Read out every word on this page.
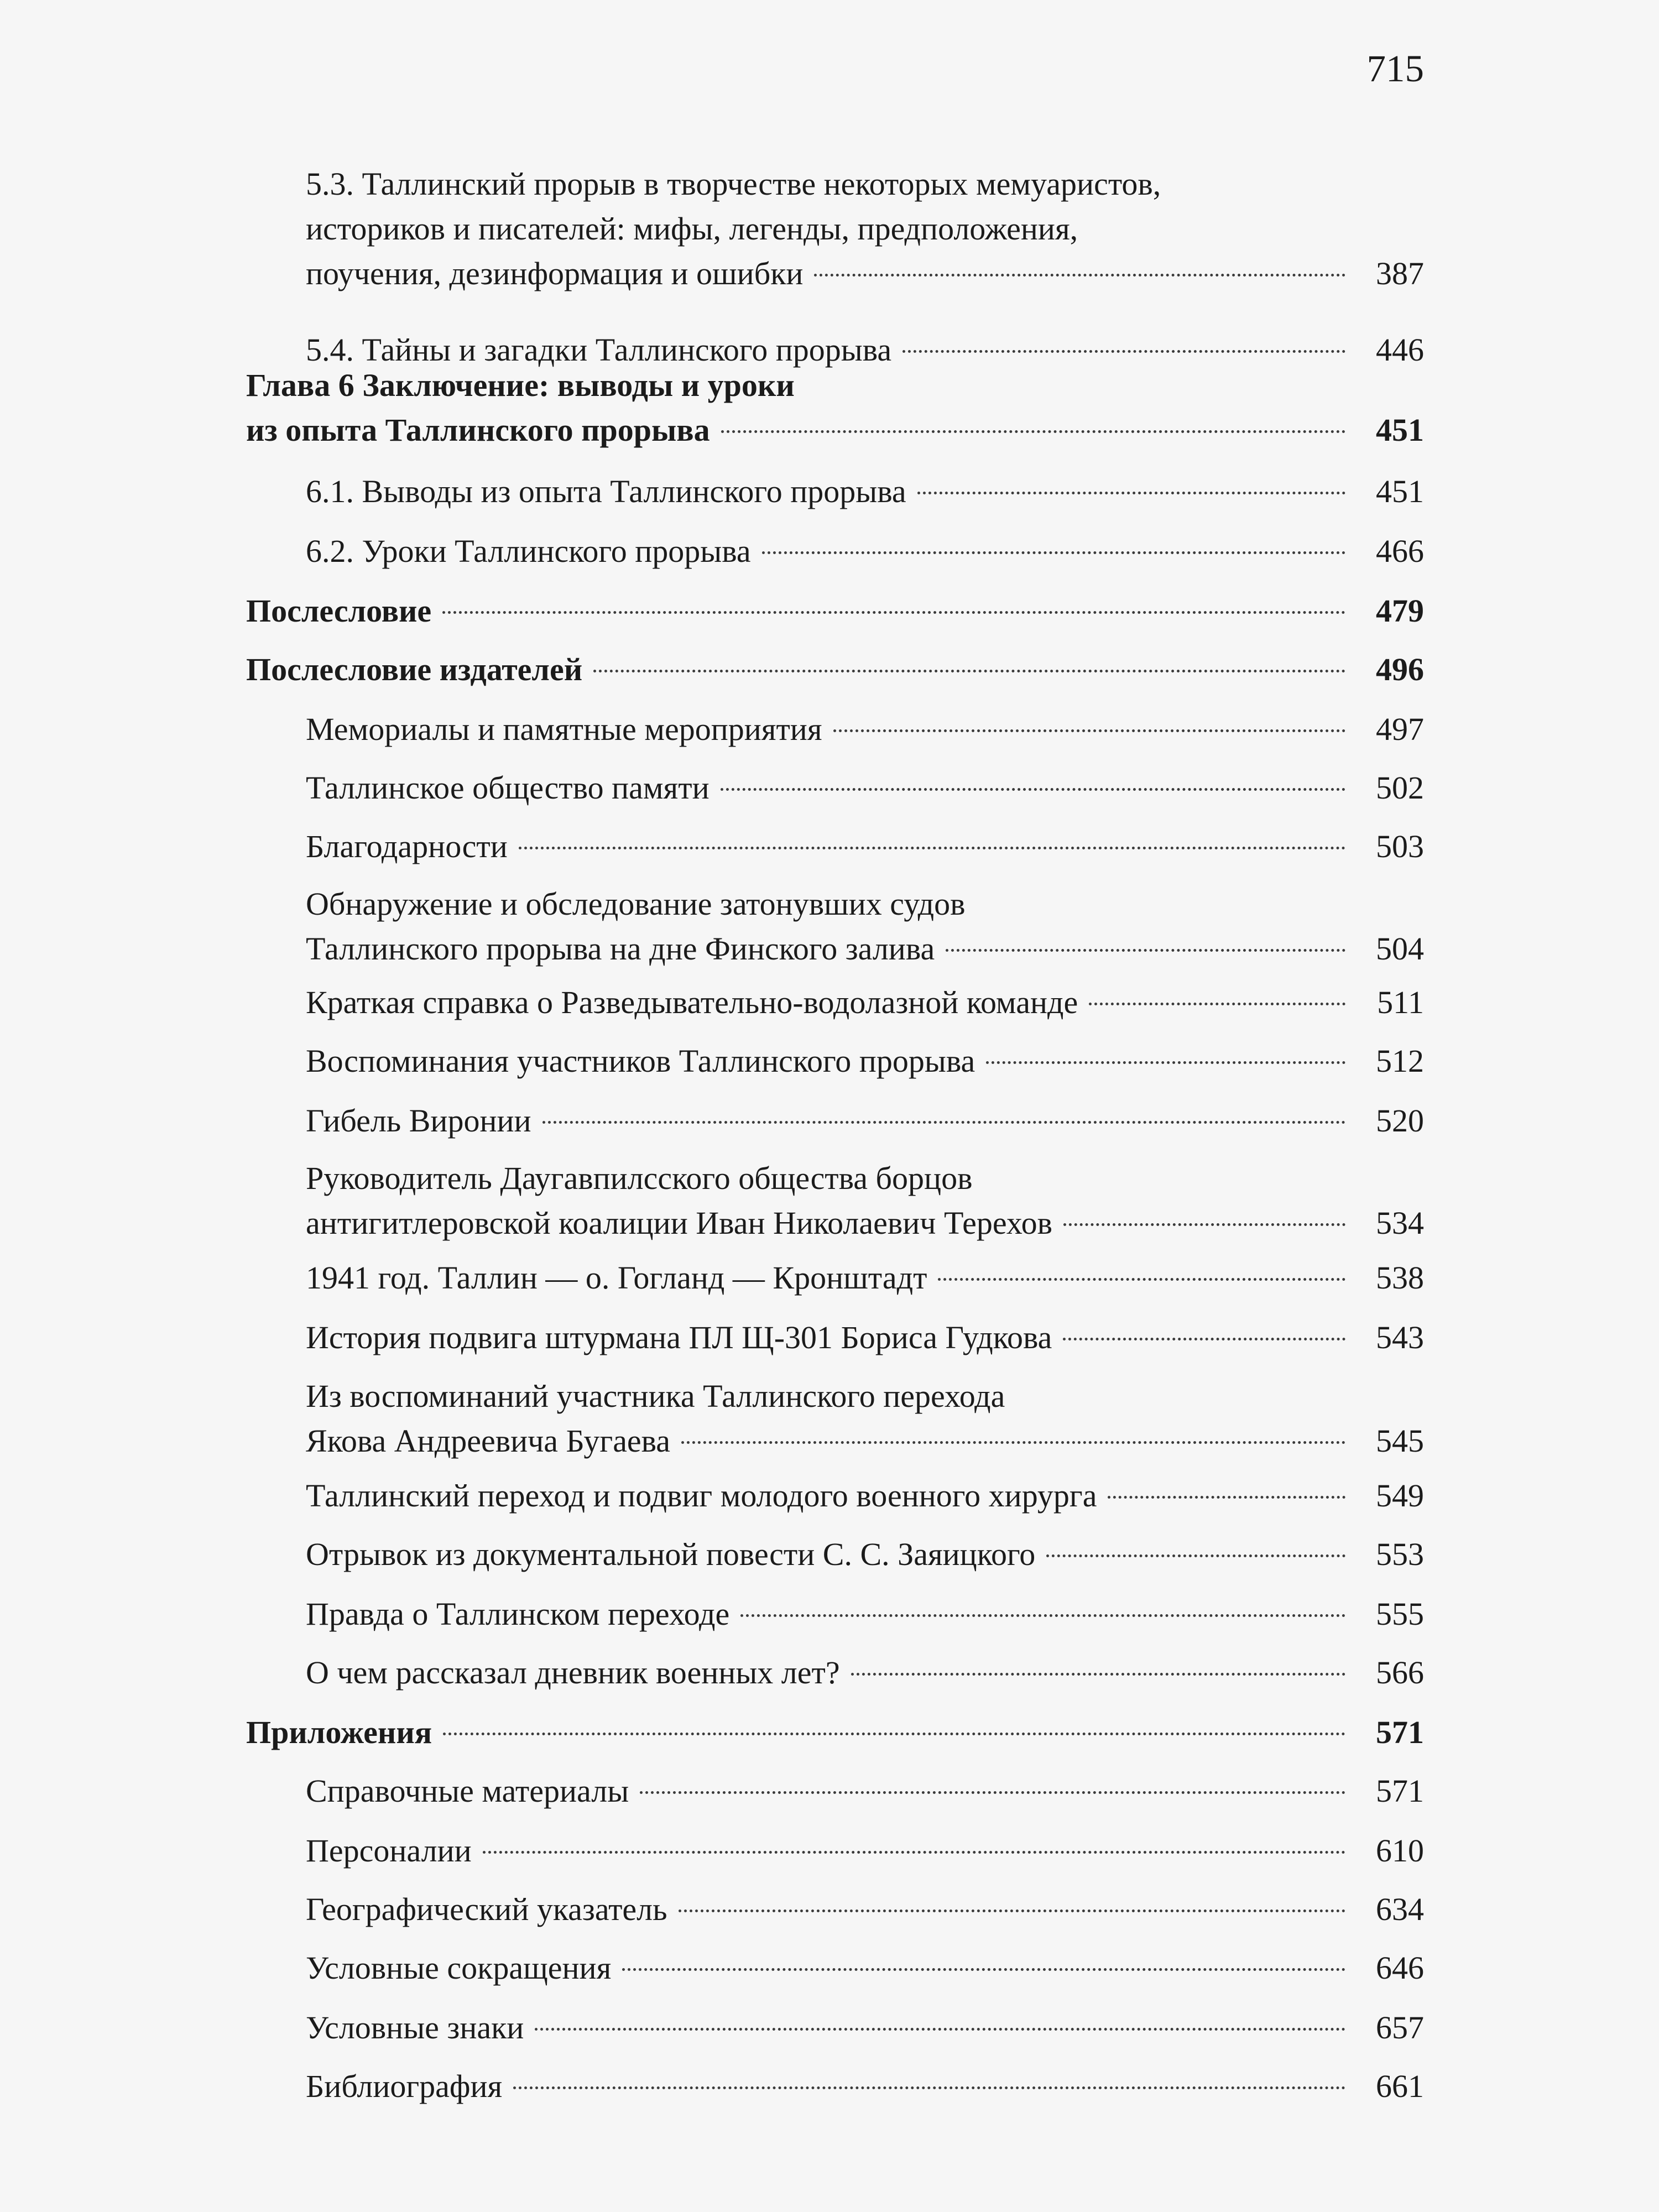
715
5.3. Таллинский прорыв в творчестве некоторых мемуаристов,
историков и писателей: мифы, легенды, предположения,
поучения, дезинформация и ошибки	387
5.4. Тайны и загадки Таллинского прорыва	446
Глава 6 Заключение: выводы и уроки
из опыта Таллинского прорыва	451
6.1. Выводы из опыта Таллинского прорыва	451
6.2. Уроки Таллинского прорыва	466
Послесловие	479
Послесловие издателей	496
Мемориалы и памятные мероприятия	497
Таллинское общество памяти	502
Благодарности	503
Обнаружение и обследование затонувших судов
Таллинского прорыва на дне Финского залива	504
Краткая справка о Разведывательно-водолазной команде	511
Воспоминания участников Таллинского прорыва	512
Гибель Виронии	520
Руководитель Даугавпилсского общества борцов
антигитлеровской коалиции Иван Николаевич Терехов	534
1941 год. Таллин — о. Гогланд — Кронштадт	538
История подвига штурмана ПЛ Щ-301 Бориса Гудкова	543
Из воспоминаний участника Таллинского перехода
Якова Андреевича Бугаева	545
Таллинский переход и подвиг молодого военного хирурга	549
Отрывок из документальной повести С. С. Заяицкого	553
Правда о Таллинском переходе	555
О чем рассказал дневник военных лет?	566
Приложения	571
Справочные материалы	571
Персоналии	610
Географический указатель	634
Условные сокращения	646
Условные знаки	657
Библиография	661
